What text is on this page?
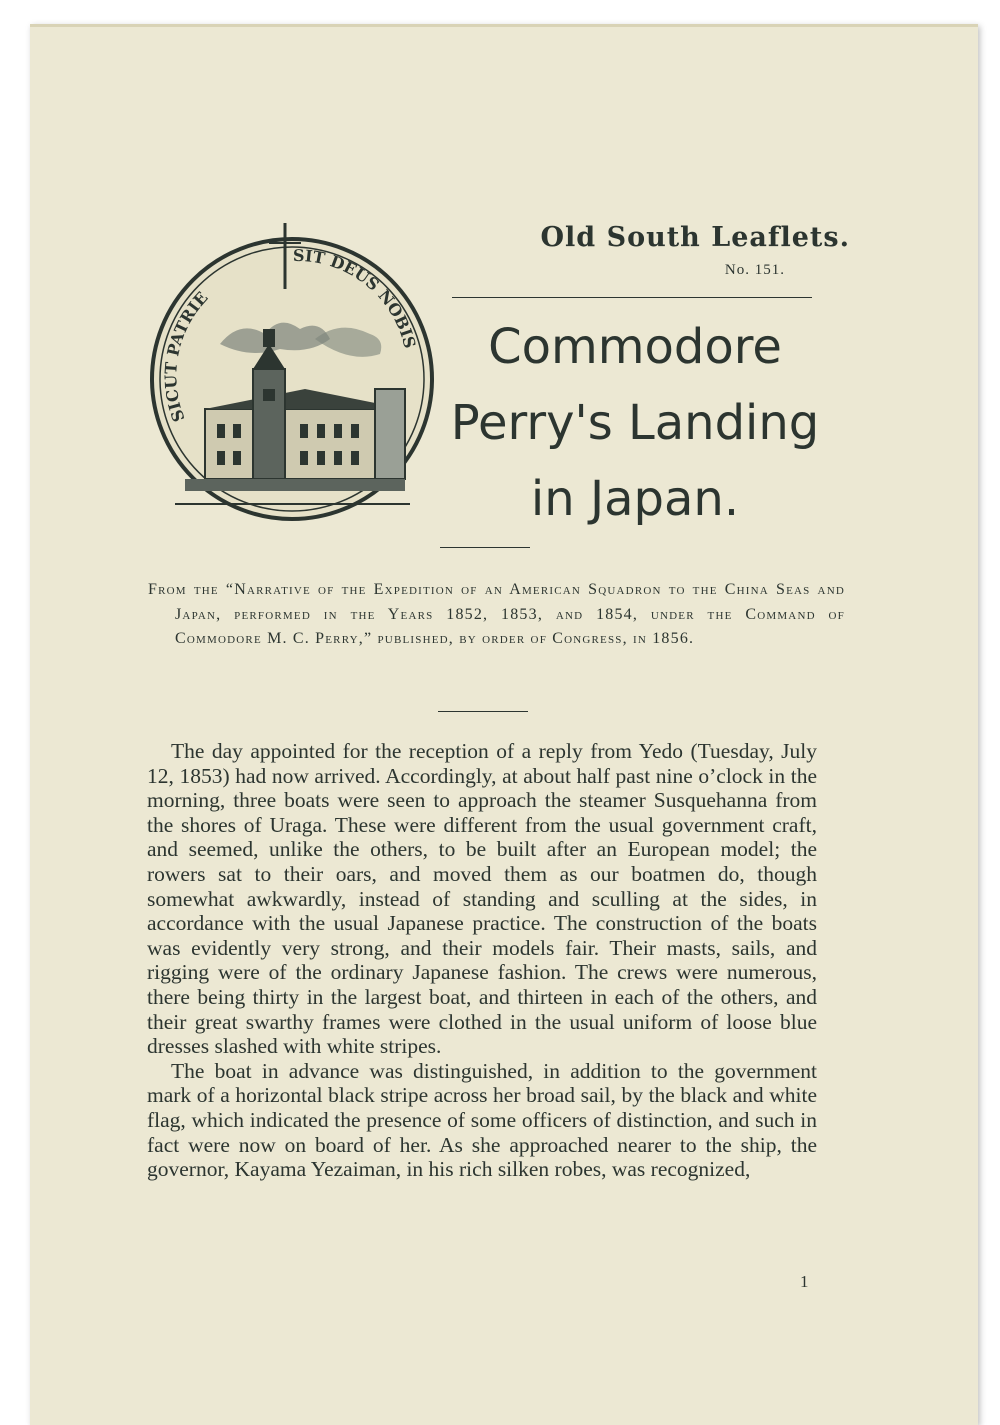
SICUT PATRIE
SIT DEUS NOBIS
Old South Leaflets.
No. 151.
Commodore
Perry's Landing
in Japan.
From the “Narrative of the Expedition of an American Squadron to the China Seas and Japan, performed in the Years 1852, 1853, and 1854, under the Command of Commodore M. C. Perry,” published, by order of Congress, in 1856.

The day appointed for the reception of a reply from Yedo (Tuesday, July 12, 1853) had now arrived. Accordingly, at about half past nine o’clock in the morning, three boats were seen to approach the steamer Susquehanna from the shores of Uraga. These were different from the usual government craft, and seemed, unlike the others, to be built after an European model; the rowers sat to their oars, and moved them as our boatmen do, though somewhat awkwardly, instead of standing and sculling at the sides, in accordance with the usual Japanese practice. The construction of the boats was evidently very strong, and their models fair. Their masts, sails, and rigging were of the ordinary Japanese fashion. The crews were numerous, there being thirty in the largest boat, and thirteen in each of the others, and their great swarthy frames were clothed in the usual uniform of loose blue dresses slashed with white stripes.

The boat in advance was distinguished, in addition to the government mark of a horizontal black stripe across her broad sail, by the black and white flag, which indicated the presence of some officers of distinction, and such in fact were now on board of her. As she approached nearer to the ship, the governor, Kayama Yezaiman, in his rich silken robes, was recognized,

1
